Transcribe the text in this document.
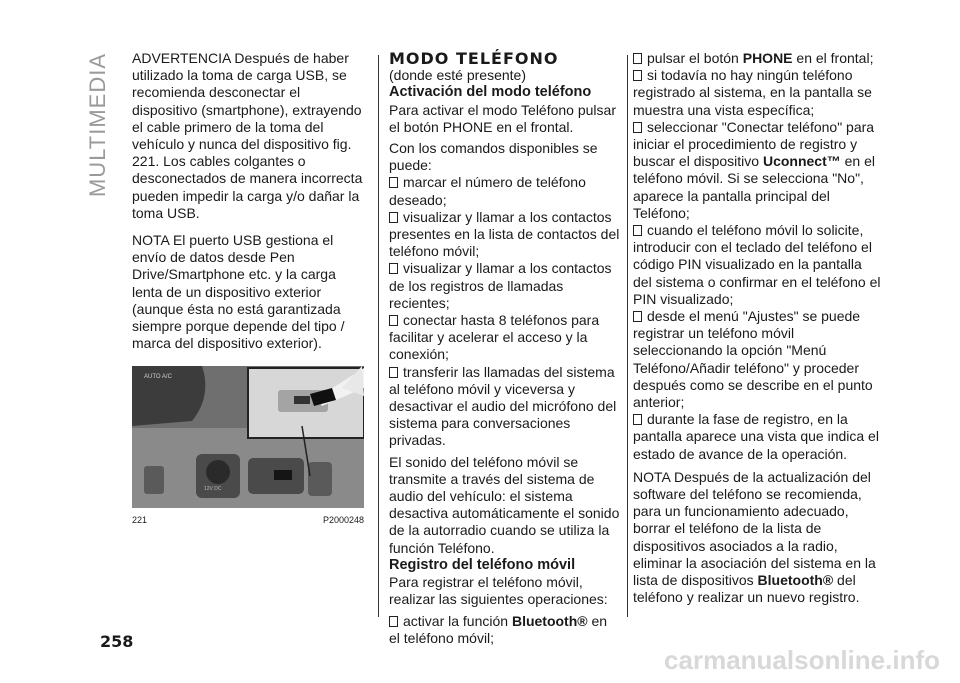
MULTIMEDIA ADVERTENCIA Después de haber utilizado la toma de carga USB, se recomienda desconectar el dispositivo (smartphone), extrayendo el cable primero de la toma del vehículo y nunca del dispositivo fig. 221. Los cables colgantes o desconectados de manera incorrecta pueden impedir la carga y/o dañar la toma USB.

NOTA El puerto USB gestiona el envío de datos desde Pen Drive/Smartphone etc. y la carga lenta de un dispositivo exterior (aunque ésta no está garantizada siempre porque depende del tipo / marca del dispositivo exterior).

AUTO A/C
12V DC
221	P2000248

MODO TELÉFONO

(donde esté presente)

Activación del modo teléfono

Para activar el modo Teléfono pulsar el botón PHONE en el frontal.

Con los comandos disponibles se puede:

marcar el número de teléfono deseado;

visualizar y llamar a los contactos presentes en la lista de contactos del teléfono móvil;

visualizar y llamar a los contactos de los registros de llamadas recientes;

conectar hasta 8 teléfonos para facilitar y acelerar el acceso y la conexión;

transferir las llamadas del sistema al teléfono móvil y viceversa y desactivar el audio del micrófono del sistema para conversaciones privadas.

El sonido del teléfono móvil se transmite a través del sistema de audio del vehículo: el sistema desactiva automáticamente el sonido de la autorradio cuando se utiliza la función Teléfono.

Registro del teléfono móvil

Para registrar el teléfono móvil, realizar las siguientes operaciones:

activar la función Bluetooth® en el teléfono móvil;

pulsar el botón PHONE en el frontal;

si todavía no hay ningún teléfono registrado al sistema, en la pantalla se muestra una vista específica;

seleccionar "Conectar teléfono" para iniciar el procedimiento de registro y buscar el dispositivo Uconnect™ en el teléfono móvil. Si se selecciona "No", aparece la pantalla principal del Teléfono;

cuando el teléfono móvil lo solicite, introducir con el teclado del teléfono el código PIN visualizado en la pantalla del sistema o confirmar en el teléfono el PIN visualizado;

desde el menú "Ajustes" se puede registrar un teléfono móvil seleccionando la opción "Menú Teléfono/Añadir teléfono" y proceder después como se describe en el punto anterior;

durante la fase de registro, en la pantalla aparece una vista que indica el estado de avance de la operación.

NOTA Después de la actualización del software del teléfono se recomienda, para un funcionamiento adecuado, borrar el teléfono de la lista de dispositivos asociados a la radio, eliminar la asociación del sistema en la lista de dispositivos Bluetooth® del teléfono y realizar un nuevo registro.

258
carmanualsonline.info
